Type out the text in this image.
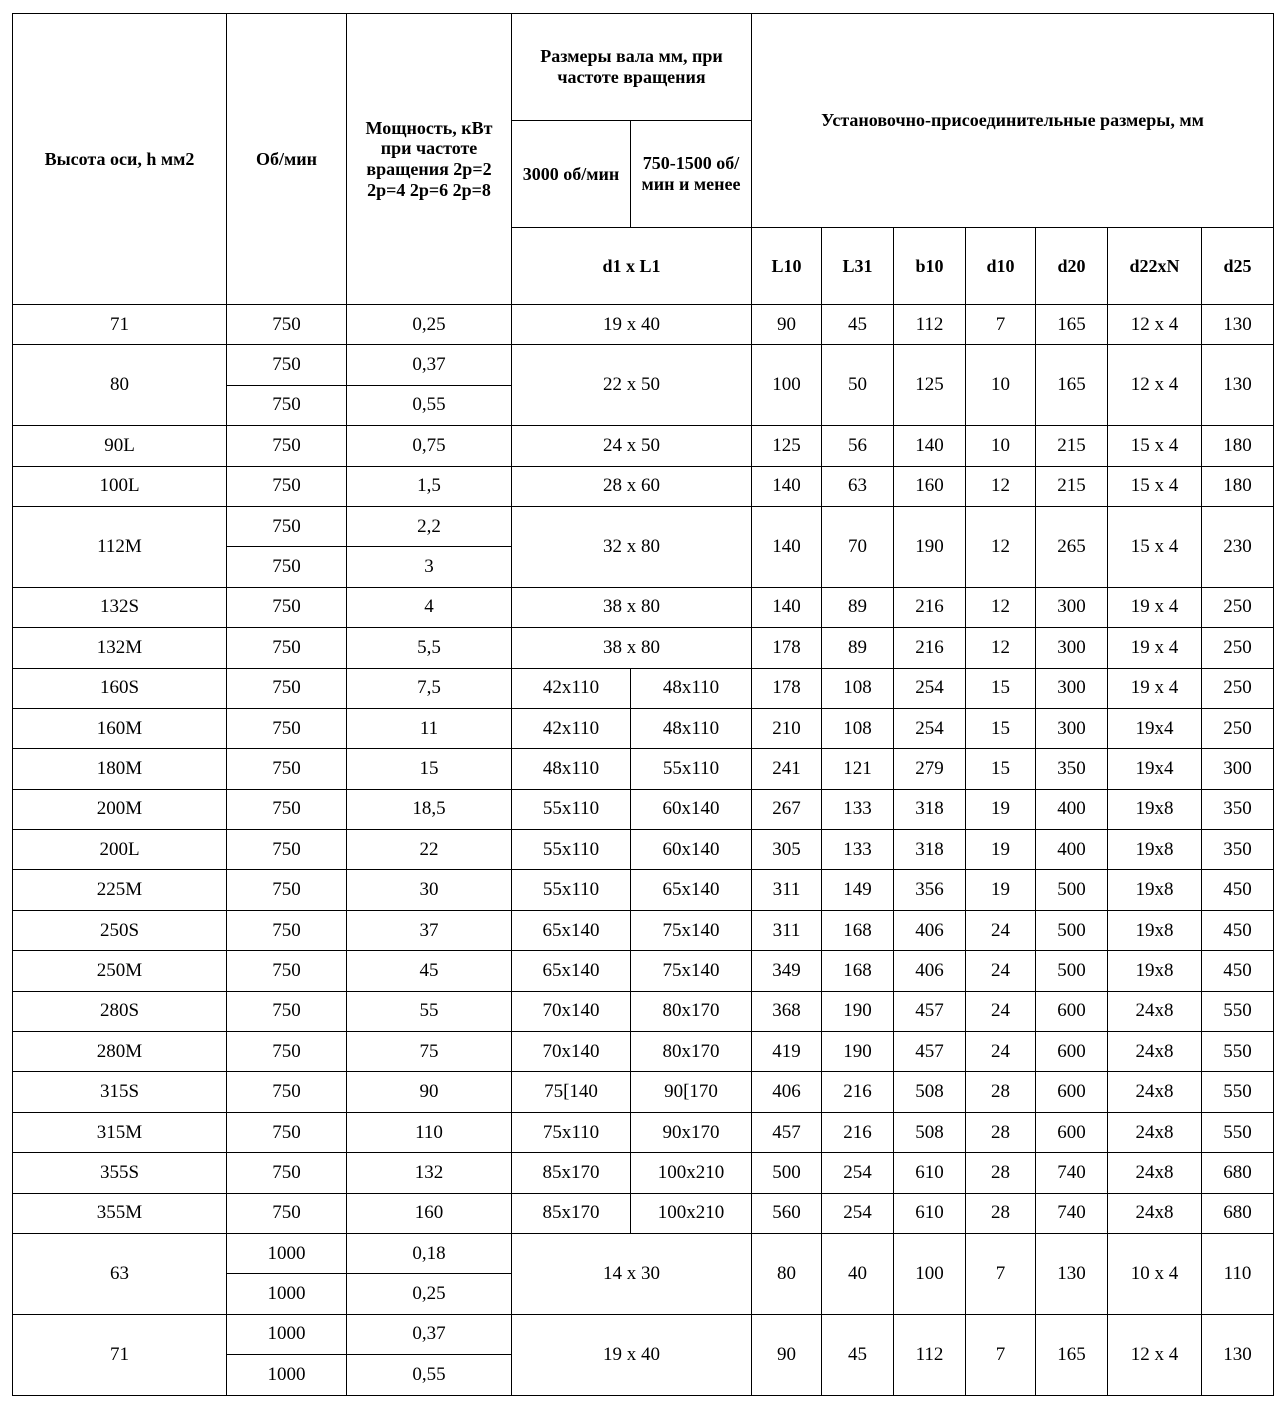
Высота оси, h мм2	Об/мин	Мощность, кВт при частоте вращения 2р=2 2р=4 2р=6 2р=8	Размеры вала мм, при частоте вращения		Установочно-присоединительные размеры, мм						
			3000 об/мин	750-1500 об/мин и менее							
			d1 x L1		L10	L31	b10	d10	d20	d22xN	d25
71	750	0,25	19 x 40		90	45	112	7	165	12 x 4	130
80	750	0,37	22 x 50		100	50	125	10	165	12 x 4	130
	750	0,55									
90L	750	0,75	24 x 50		125	56	140	10	215	15 x 4	180
100L	750	1,5	28 x 60		140	63	160	12	215	15 x 4	180
112M	750	2,2	32 x 80		140	70	190	12	265	15 x 4	230
	750	3									
132S	750	4	38 x 80		140	89	216	12	300	19 x 4	250
132M	750	5,5	38 x 80		178	89	216	12	300	19 x 4	250
160S	750	7,5	42x110	48x110	178	108	254	15	300	19 x 4	250
160M	750	11	42x110	48x110	210	108	254	15	300	19x4	250
180M	750	15	48x110	55x110	241	121	279	15	350	19x4	300
200M	750	18,5	55x110	60x140	267	133	318	19	400	19x8	350
200L	750	22	55x110	60x140	305	133	318	19	400	19x8	350
225M	750	30	55x110	65x140	311	149	356	19	500	19x8	450
250S	750	37	65x140	75x140	311	168	406	24	500	19x8	450
250M	750	45	65x140	75x140	349	168	406	24	500	19x8	450
280S	750	55	70x140	80x170	368	190	457	24	600	24x8	550
280M	750	75	70x140	80x170	419	190	457	24	600	24x8	550
315S	750	90	75[140	90[170	406	216	508	28	600	24x8	550
315M	750	110	75x110	90x170	457	216	508	28	600	24x8	550
355S	750	132	85x170	100x210	500	254	610	28	740	24x8	680
355M	750	160	85x170	100x210	560	254	610	28	740	24x8	680
63	1000	0,18	14 x 30		80	40	100	7	130	10 x 4	110
	1000	0,25									
71	1000	0,37	19 x 40		90	45	112	7	165	12 x 4	130
	1000	0,55									
